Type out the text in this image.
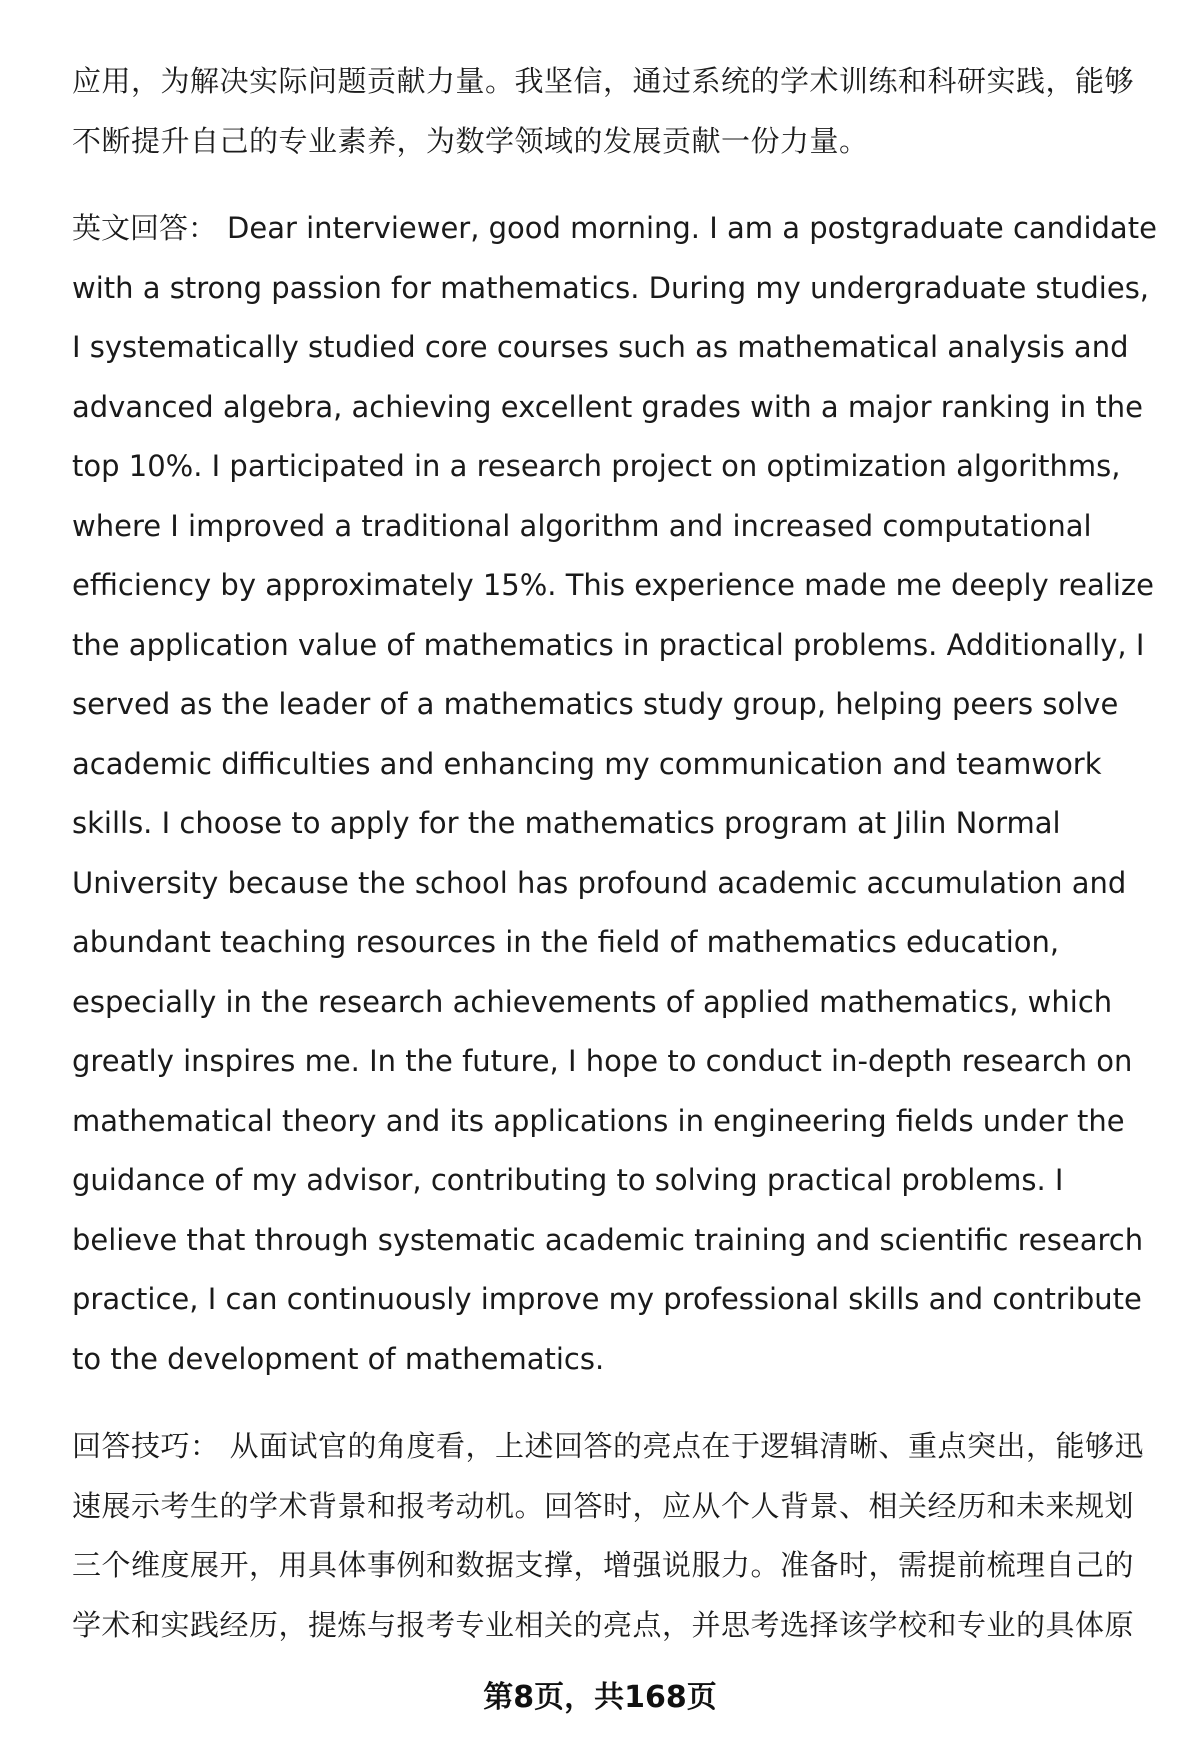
应用，为解决实际问题贡献力量。我坚信，通过系统的学术训练和科研实践，能够不断提升自己的专业素养，为数学领域的发展贡献一份力量。

英文回答： Dear interviewer, good morning. I am a postgraduate candidate with a strong passion for mathematics. During my undergraduate studies, I systematically studied core courses such as mathematical analysis and advanced algebra, achieving excellent grades with a major ranking in the top 10%. I participated in a research project on optimization algorithms, where I improved a traditional algorithm and increased computational efficiency by approximately 15%. This experience made me deeply realize the application value of mathematics in practical problems. Additionally, I served as the leader of a mathematics study group, helping peers solve academic difficulties and enhancing my communication and teamwork skills. I choose to apply for the mathematics program at Jilin Normal University because the school has profound academic accumulation and abundant teaching resources in the field of mathematics education, especially in the research achievements of applied mathematics, which greatly inspires me. In the future, I hope to conduct in-depth research on mathematical theory and its applications in engineering fields under the guidance of my advisor, contributing to solving practical problems. I believe that through systematic academic training and scientific research practice, I can continuously improve my professional skills and contribute to the development of mathematics.

回答技巧： 从面试官的角度看，上述回答的亮点在于逻辑清晰、重点突出，能够迅速展示考生的学术背景和报考动机。回答时，应从个人背景、相关经历和未来规划三个维度展开，用具体事例和数据支撑，增强说服力。准备时，需提前梳理自己的学术和实践经历，提炼与报考专业相关的亮点，并思考选择该学校和专业的具体原

第8页，共168页
